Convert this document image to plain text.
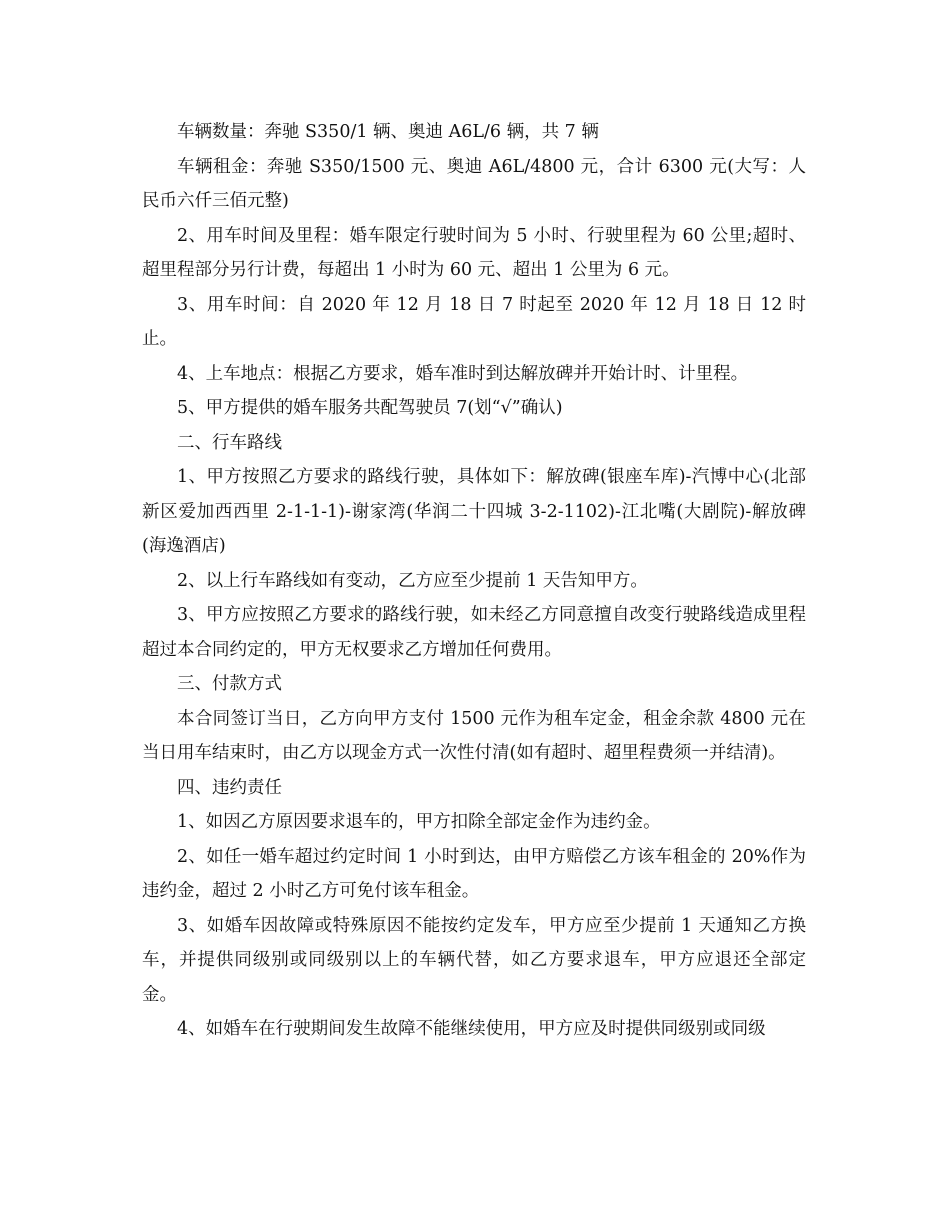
车辆数量：奔驰 S350/1 辆、奥迪 A6L/6 辆，共 7 辆

车辆租金：奔驰 S350/1500 元、奥迪 A6L/4800 元，合计 6300 元(大写：人民币六仟三佰元整)

2、用车时间及里程：婚车限定行驶时间为 5 小时、行驶里程为 60 公里;超时、超里程部分另行计费，每超出 1 小时为 60 元、超出 1 公里为 6 元。

3、用车时间：自 2020 年 12 月 18 日 7 时起至 2020 年 12 月 18 日 12 时止。

4、上车地点：根据乙方要求，婚车准时到达解放碑并开始计时、计里程。

5、甲方提供的婚车服务共配驾驶员 7(划“√”确认)

二、行车路线

1、甲方按照乙方要求的路线行驶，具体如下：解放碑(银座车库)-汽博中心(北部新区爱加西西里 2-1-1-1)-谢家湾(华润二十四城 3-2-1102)-江北嘴(大剧院)-解放碑(海逸酒店)

2、以上行车路线如有变动，乙方应至少提前 1 天告知甲方。

3、甲方应按照乙方要求的路线行驶，如未经乙方同意擅自改变行驶路线造成里程超过本合同约定的，甲方无权要求乙方增加任何费用。

三、付款方式

本合同签订当日，乙方向甲方支付 1500 元作为租车定金，租金余款 4800 元在当日用车结束时，由乙方以现金方式一次性付清(如有超时、超里程费须一并结清)。

四、违约责任

1、如因乙方原因要求退车的，甲方扣除全部定金作为违约金。

2、如任一婚车超过约定时间 1 小时到达，由甲方赔偿乙方该车租金的 20%作为违约金，超过 2 小时乙方可免付该车租金。

3、如婚车因故障或特殊原因不能按约定发车，甲方应至少提前 1 天通知乙方换车，并提供同级别或同级别以上的车辆代替，如乙方要求退车，甲方应退还全部定金。

4、如婚车在行驶期间发生故障不能继续使用，甲方应及时提供同级别或同级
